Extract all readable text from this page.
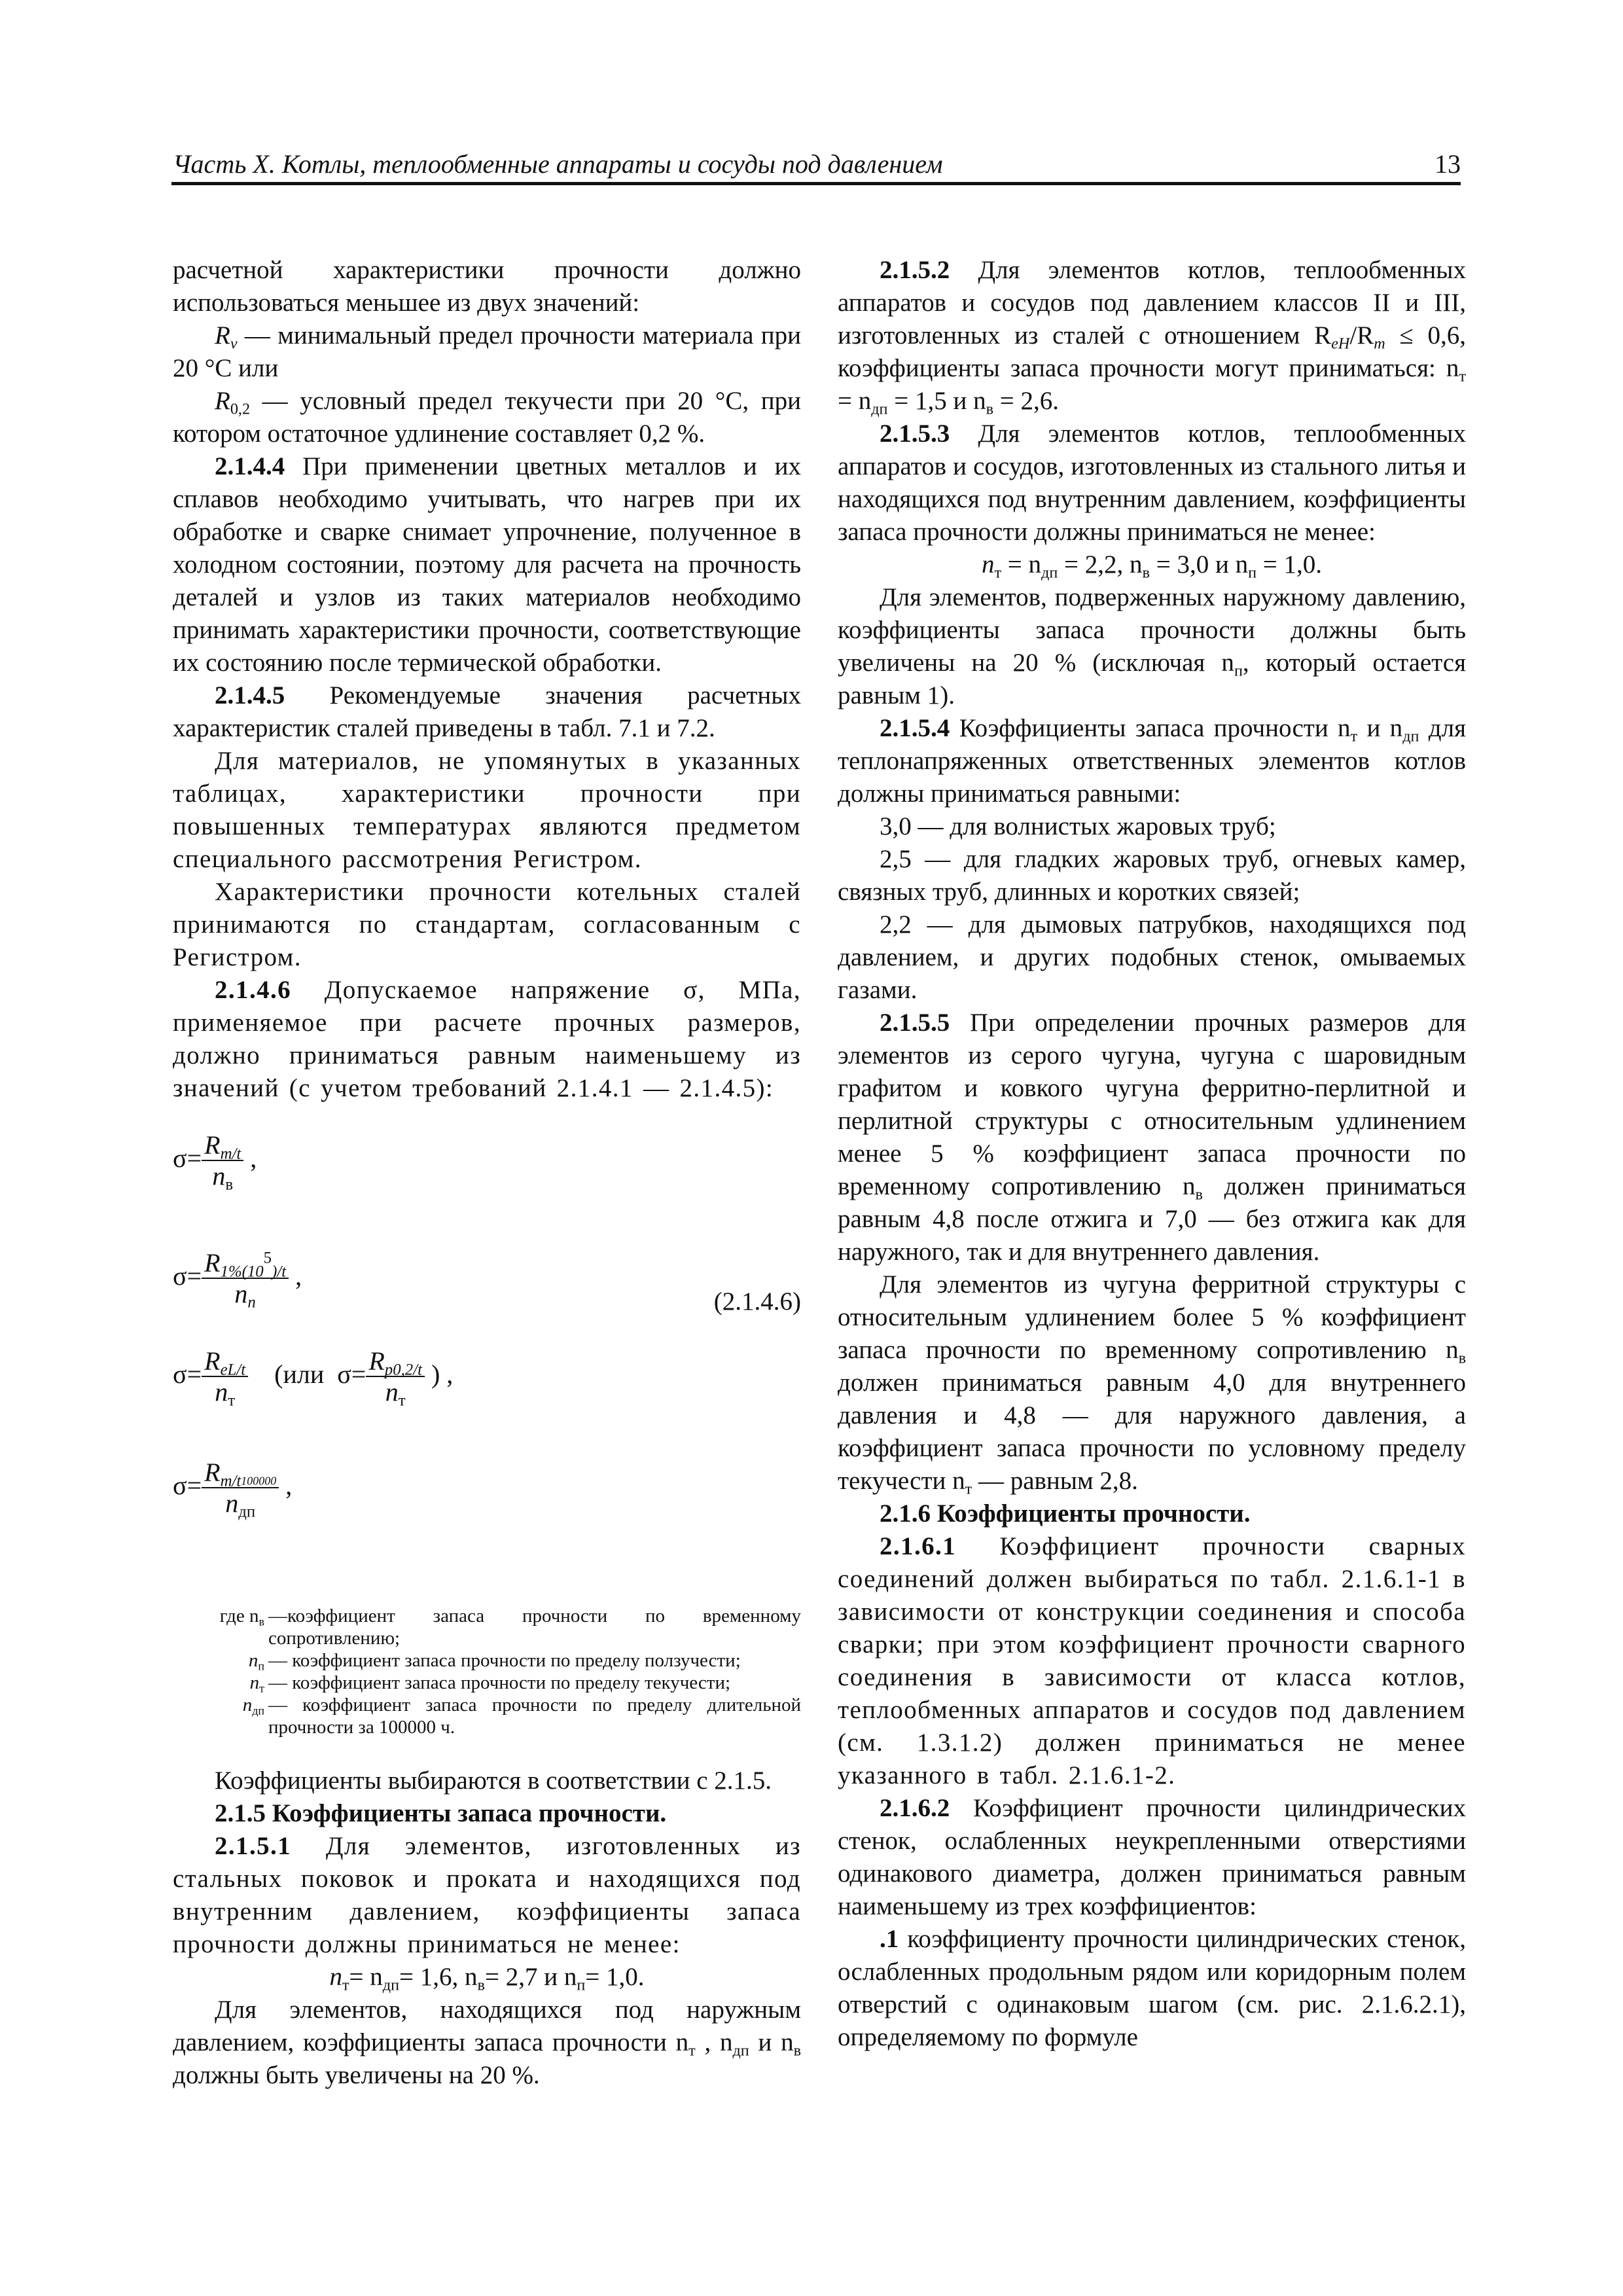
Часть X. Котлы, теплообменные аппараты и сосуды под давлением	13

расчетной характеристики прочности должно использоваться меньшее из двух значений:

$R_v$ — минимальный предел прочности материала при 20 °C или

$R_{0,2}$ — условный предел текучести при 20 °C, при котором остаточное удлинение составляет 0,2 %.

2.1.4.4 При применении цветных металлов и их сплавов необходимо учитывать, что нагрев при их обработке и сварке снимает упрочнение, полученное в холодном состоянии, поэтому для расчета на прочность деталей и узлов из таких материалов необходимо принимать характеристики прочности, соответствующие их состоянию после термической обработки.

2.1.4.5 Рекомендуемые значения расчетных характеристик сталей приведены в табл. 7.1 и 7.2.

Для материалов, не упомянутых в указанных таблицах, характеристики прочности при повышенных температурах являются предметом специального рассмотрения Регистром.

Характеристики прочности котельных сталей принимаются по стандартам, согласованным с Регистром.

2.1.4.6 Допускаемое напряжение σ, МПа, применяемое при расчете прочных размеров, должно приниматься равным наименьшему из значений (с учетом требований 2.1.4.1 — 2.1.4.5):

$\sigma= \frac{R_{m/t}}{n_в}$ ,
$\sigma= \frac{R_{1\%(10}^5_{)/t}}{n_п}$ ,
$\sigma= \frac{R_{eL/t}}{n_т} (или$ $\sigma= \frac{R_{p0,2/t}}{n_т}$ ) ,
$\sigma= \frac{R_{m/t100000}}{n_{дп}}$ ,
(2.1.4.6)
где $n_в$ —коэффициент запаса прочности по временному сопротивлению;
$n_п$ — коэффициент запаса прочности по пределу ползучести;
$n_т$ — коэффициент запаса прочности по пределу текучести;
$n_{дп}$ — коэффициент запаса прочности по пределу длительной прочности за 100000 ч.

Коэффициенты выбираются в соответствии с 2.1.5.

2.1.5 Коэффициенты запаса прочности.

2.1.5.1 Для элементов, изготовленных из стальных поковок и проката и находящихся под внутренним давлением, коэффициенты запаса прочности должны приниматься не менее:

$n_т= n_{дп}= 1,6$, $n_в= 2,7$ и $n_п= 1,0$.

Для элементов, находящихся под наружным давлением, коэффициенты запаса прочности $n_т$ , $n_{дп}$ и $n_в$ должны быть увеличены на 20 %.

2.1.5.2 Для элементов котлов, теплообменных аппаратов и сосудов под давлением классов II и III, изготовленных из сталей с отношением $R_{eH}/R_m \le 0,6$, коэффициенты запаса прочности могут приниматься: $n_т = n_{дп} = 1,5$ и $n_в = 2,6$.

2.1.5.3 Для элементов котлов, теплообменных аппаратов и сосудов, изготовленных из стального литья и находящихся под внутренним давлением, коэффициенты запаса прочности должны приниматься не менее:

$n_т = n_{дп} = 2,2$, $n_в = 3,0$ и $n_п = 1,0$.

Для элементов, подверженных наружному давлению, коэффициенты запаса прочности должны быть увеличены на 20 % (исключая $n_п$, который остается равным 1).

2.1.5.4 Коэффициенты запаса прочности $n_т$ и $n_{дп}$ для теплонапряженных ответственных элементов котлов должны приниматься равными:

3,0 — для волнистых жаровых труб;

2,5 — для гладких жаровых труб, огневых камер, связных труб, длинных и коротких связей;

2,2 — для дымовых патрубков, находящихся под давлением, и других подобных стенок, омываемых газами.

2.1.5.5 При определении прочных размеров для элементов из серого чугуна, чугуна с шаровидным графитом и ковкого чугуна ферритно-перлитной и перлитной структуры с относительным удлинением менее 5 % коэффициент запаса прочности по временному сопротивлению $n_в$ должен приниматься равным 4,8 после отжига и 7,0 — без отжига как для наружного, так и для внутреннего давления.

Для элементов из чугуна ферритной структуры с относительным удлинением более 5 % коэффициент запаса прочности по временному сопротивлению $n_в$ должен приниматься равным 4,0 для внутреннего давления и 4,8 — для наружного давления, а коэффициент запаса прочности по условному пределу текучести $n_т$ — равным 2,8.

2.1.6 Коэффициенты прочности.

2.1.6.1 Коэффициент прочности сварных соединений должен выбираться по табл. 2.1.6.1-1 в зависимости от конструкции соединения и способа сварки; при этом коэффициент прочности сварного соединения в зависимости от класса котлов, теплообменных аппаратов и сосудов под давлением (см. 1.3.1.2) должен приниматься не менее указанного в табл. 2.1.6.1-2.

2.1.6.2 Коэффициент прочности цилиндрических стенок, ослабленных неукрепленными отверстиями одинакового диаметра, должен приниматься равным наименьшему из трех коэффициентов:

.1 коэффициенту прочности цилиндрических стенок, ослабленных продольным рядом или коридорным полем отверстий с одинаковым шагом (см. рис. 2.1.6.2.1), определяемому по формуле
